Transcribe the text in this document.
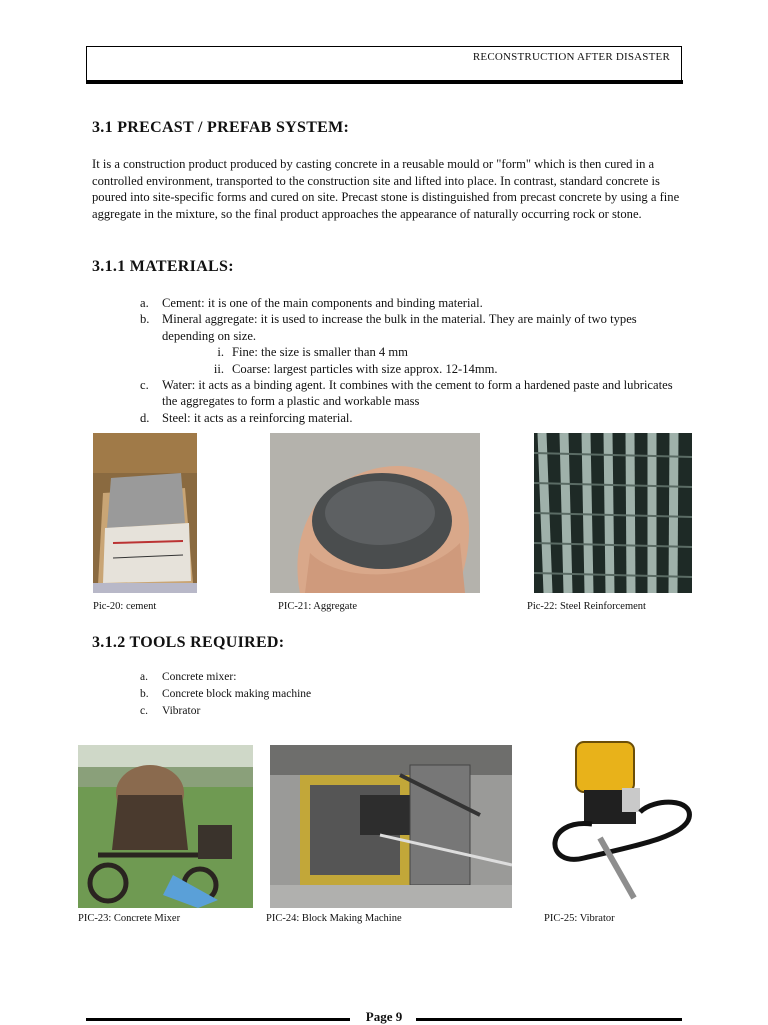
RECONSTRUCTION AFTER DISASTER
3.1 PRECAST / PREFAB SYSTEM:

It is a construction product produced by casting concrete in a reusable mould or "form" which is then cured in a controlled environment, transported to the construction site and lifted into place. In contrast, standard concrete is poured into site-specific forms and cured on site. Precast stone is distinguished from precast concrete by using a fine aggregate in the mixture, so the final product approaches the appearance of naturally occurring rock or stone.

3.1.1 MATERIALS:
a. Cement: it is one of the main components and binding material.
b. Mineral aggregate: it is used to increase the bulk in the material. They are mainly of two types depending on size.
i. Fine: the size is smaller than 4 mm
ii. Coarse: largest particles with size approx. 12-14mm.
c. Water: it acts as a binding agent. It combines with the cement to form a hardened paste and lubricates the aggregates to form a plastic and workable mass
d. Steel: it acts as a reinforcing material.
Pic-20: cement	PIC-21: Aggregate	Pic-22: Steel Reinforcement
3.1.2 TOOLS REQUIRED:
a. Concrete mixer:
b. Concrete block making machine
c. Vibrator
PIC-23: Concrete Mixer	PIC-24: Block Making Machine	PIC-25: Vibrator
Page 9
